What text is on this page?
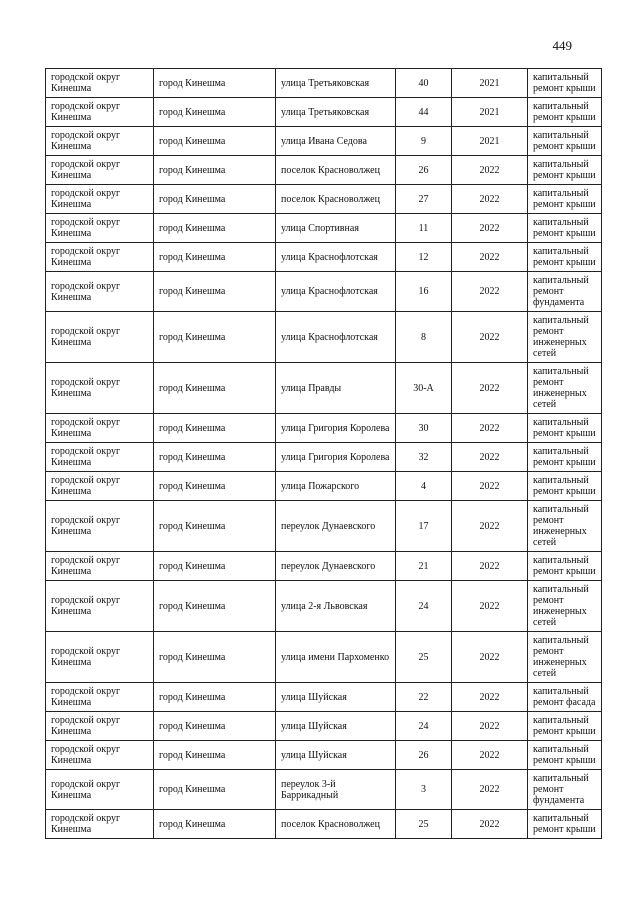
449
городской округ Кинешма	город Кинешма	улица Третьяковская	40	2021	капитальный ремонт крыши
городской округ Кинешма	город Кинешма	улица Третьяковская	44	2021	капитальный ремонт крыши
городской округ Кинешма	город Кинешма	улица Ивана Седова	9	2021	капитальный ремонт крыши
городской округ Кинешма	город Кинешма	поселок Красноволжец	26	2022	капитальный ремонт крыши
городской округ Кинешма	город Кинешма	поселок Красноволжец	27	2022	капитальный ремонт крыши
городской округ Кинешма	город Кинешма	улица Спортивная	11	2022	капитальный ремонт крыши
городской округ Кинешма	город Кинешма	улица Краснофлотская	12	2022	капитальный ремонт крыши
городской округ Кинешма	город Кинешма	улица Краснофлотская	16	2022	капитальный ремонт фундамента
городской округ Кинешма	город Кинешма	улица Краснофлотская	8	2022	капитальный ремонт инженерных сетей
городской округ Кинешма	город Кинешма	улица Правды	30-А	2022	капитальный ремонт инженерных сетей
городской округ Кинешма	город Кинешма	улица Григория Королева	30	2022	капитальный ремонт крыши
городской округ Кинешма	город Кинешма	улица Григория Королева	32	2022	капитальный ремонт крыши
городской округ Кинешма	город Кинешма	улица Пожарского	4	2022	капитальный ремонт крыши
городской округ Кинешма	город Кинешма	переулок Дунаевского	17	2022	капитальный ремонт инженерных сетей
городской округ Кинешма	город Кинешма	переулок Дунаевского	21	2022	капитальный ремонт крыши
городской округ Кинешма	город Кинешма	улица 2-я Львовская	24	2022	капитальный ремонт инженерных сетей
городской округ Кинешма	город Кинешма	улица имени Пархоменко	25	2022	капитальный ремонт инженерных сетей
городской округ Кинешма	город Кинешма	улица Шуйская	22	2022	капитальный ремонт фасада
городской округ Кинешма	город Кинешма	улица Шуйская	24	2022	капитальный ремонт крыши
городской округ Кинешма	город Кинешма	улица Шуйская	26	2022	капитальный ремонт крыши
городской округ Кинешма	город Кинешма	переулок 3-й Баррикадный	3	2022	капитальный ремонт фундамента
городской округ Кинешма	город Кинешма	поселок Красноволжец	25	2022	капитальный ремонт крыши
